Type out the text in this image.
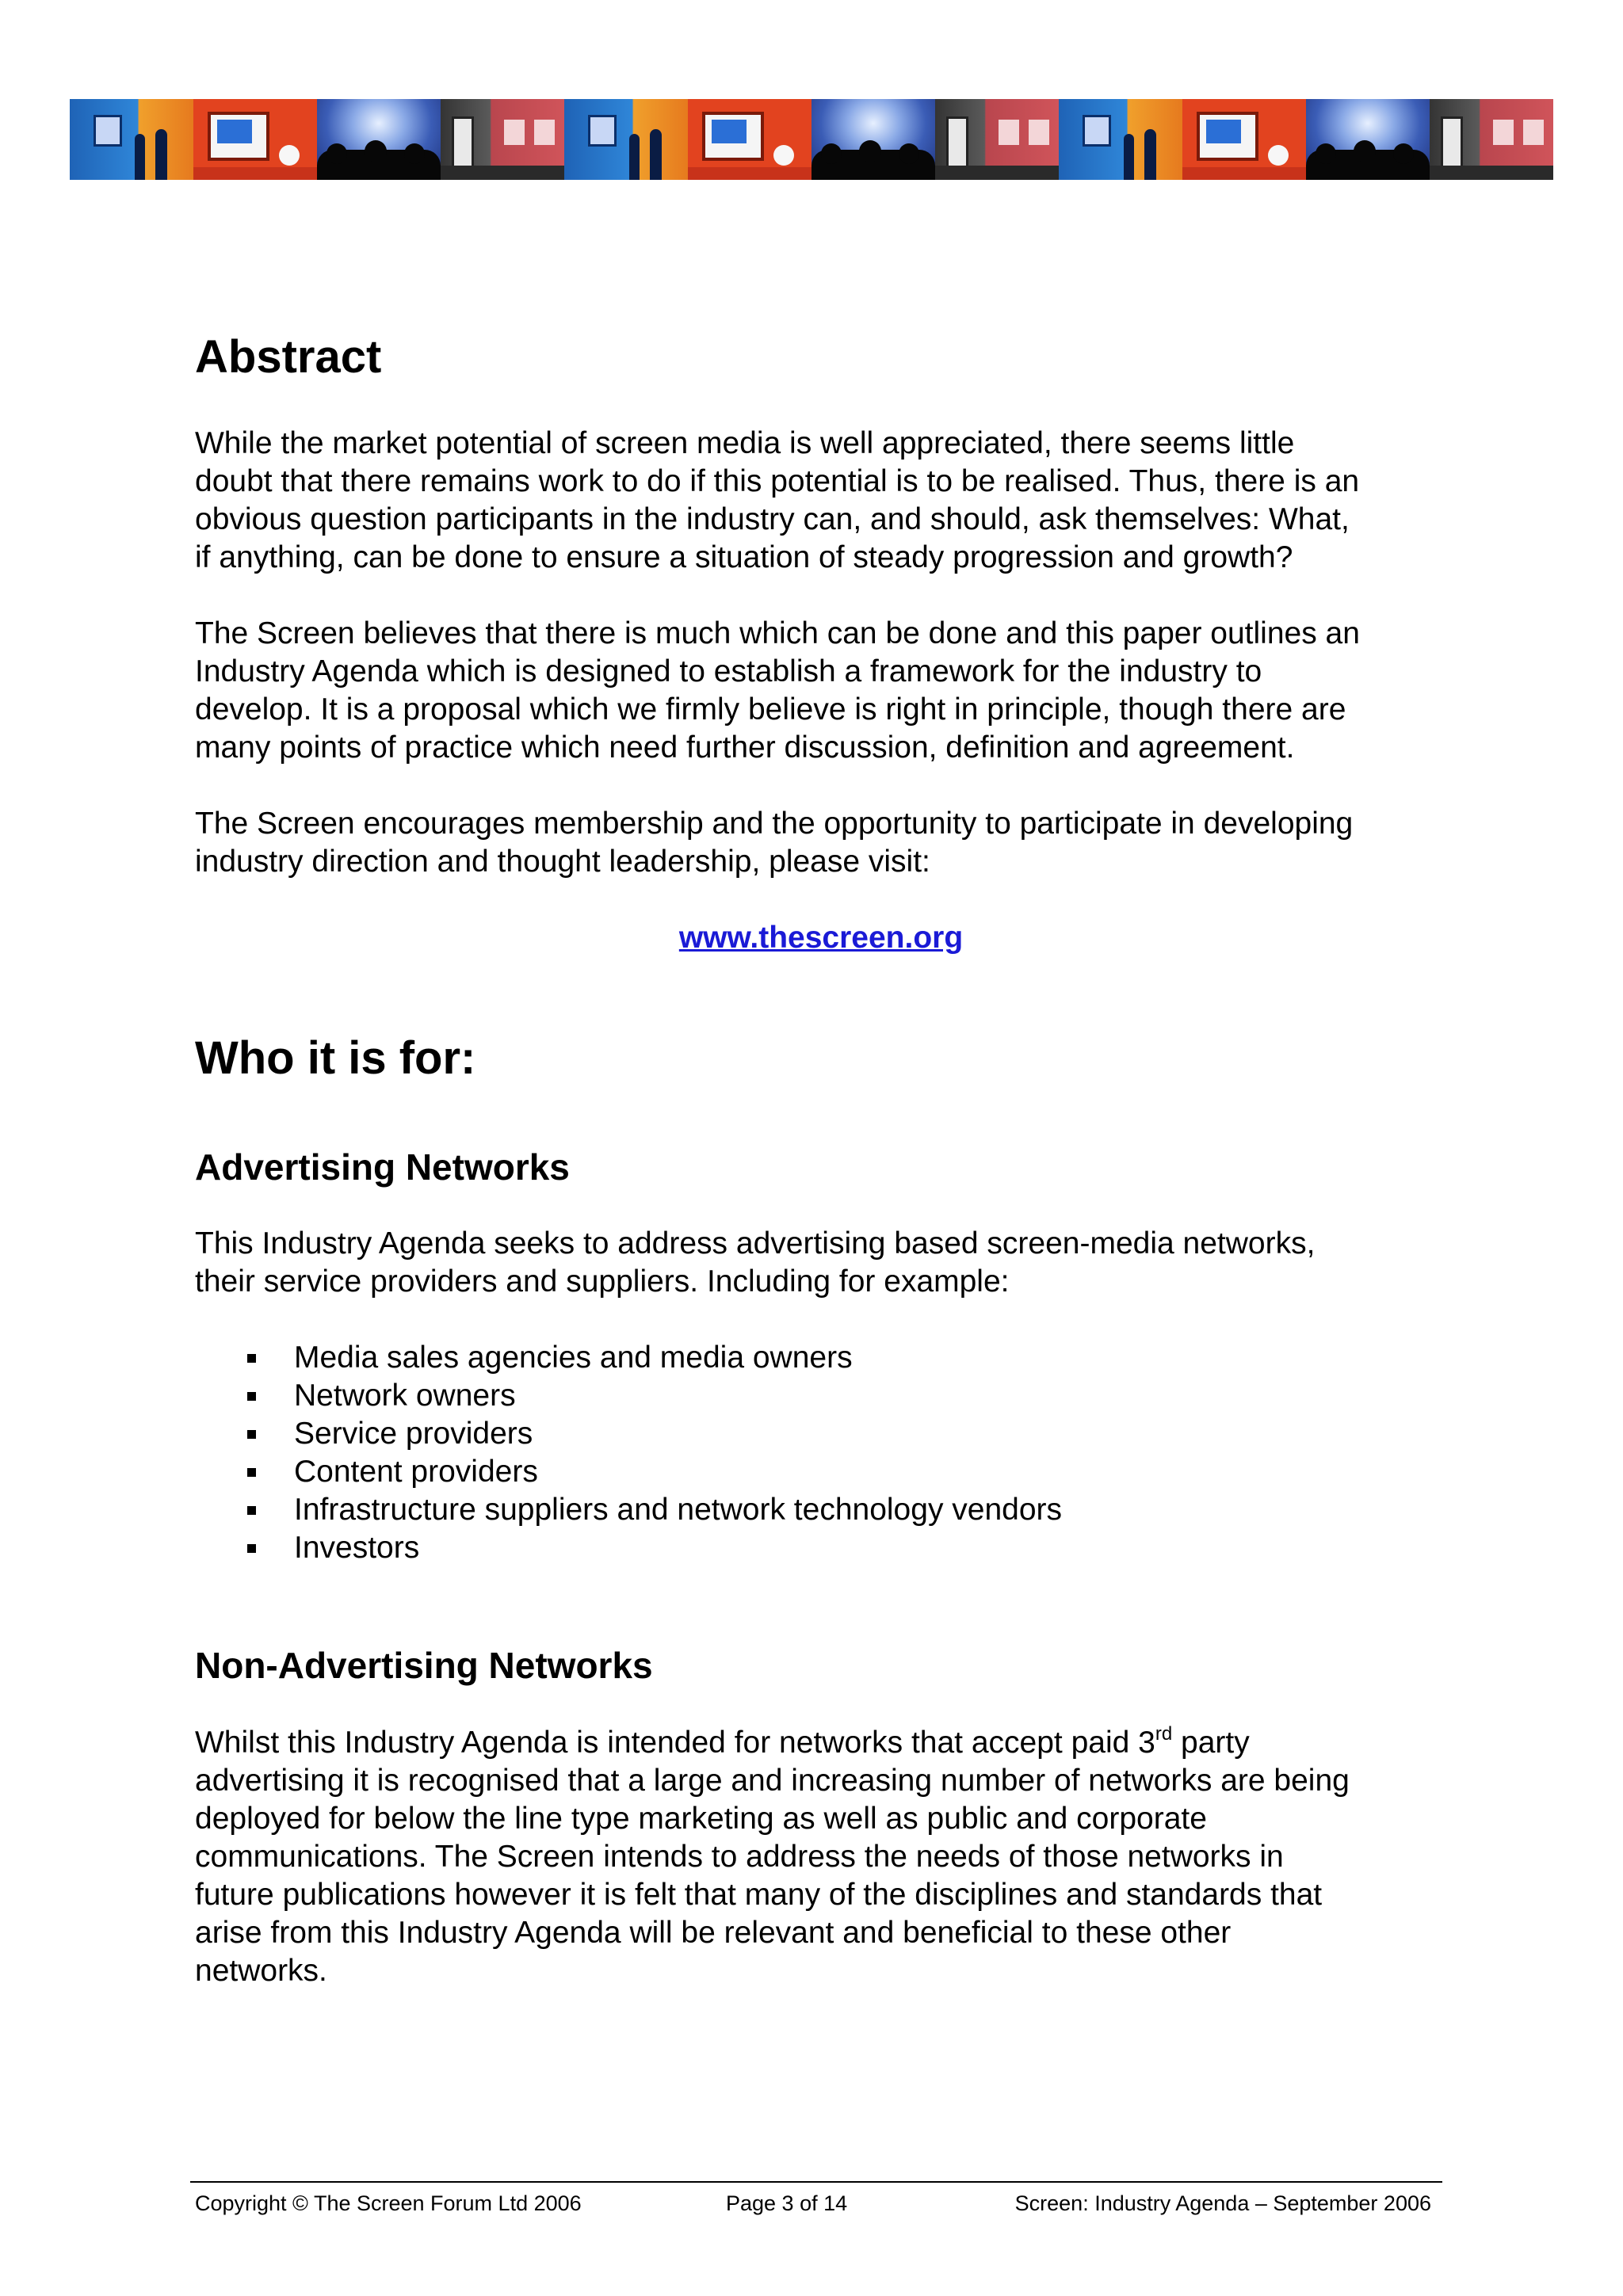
Abstract

While the market potential of screen media is well appreciated, there seems little
doubt that there remains work to do if this potential is to be realised. Thus, there is an
obvious question participants in the industry can, and should, ask themselves: What,
if anything, can be done to ensure a situation of steady progression and growth?

The Screen believes that there is much which can be done and this paper outlines an
Industry Agenda which is designed to establish a framework for the industry to
develop. It is a proposal which we firmly believe is right in principle, though there are
many points of practice which need further discussion, definition and agreement.

The Screen encourages membership and the opportunity to participate in developing
industry direction and thought leadership, please visit:

www.thescreen.org
Who it is for:
Advertising Networks

This Industry Agenda seeks to address advertising based screen-media networks,
their service providers and suppliers. Including for example:

Media sales agencies and media owners
Network owners
Service providers
Content providers
Infrastructure suppliers and network technology vendors
Investors
Non-Advertising Networks

Whilst this Industry Agenda is intended for networks that accept paid 3rd party
advertising it is recognised that a large and increasing number of networks are being
deployed for below the line type marketing as well as public and corporate
communications. The Screen intends to address the needs of those networks in
future publications however it is felt that many of the disciplines and standards that
arise from this Industry Agenda will be relevant and beneficial to these other
networks.

Copyright © The Screen Forum Ltd 2006	Page 3 of 14	Screen: Industry Agenda – September 2006
